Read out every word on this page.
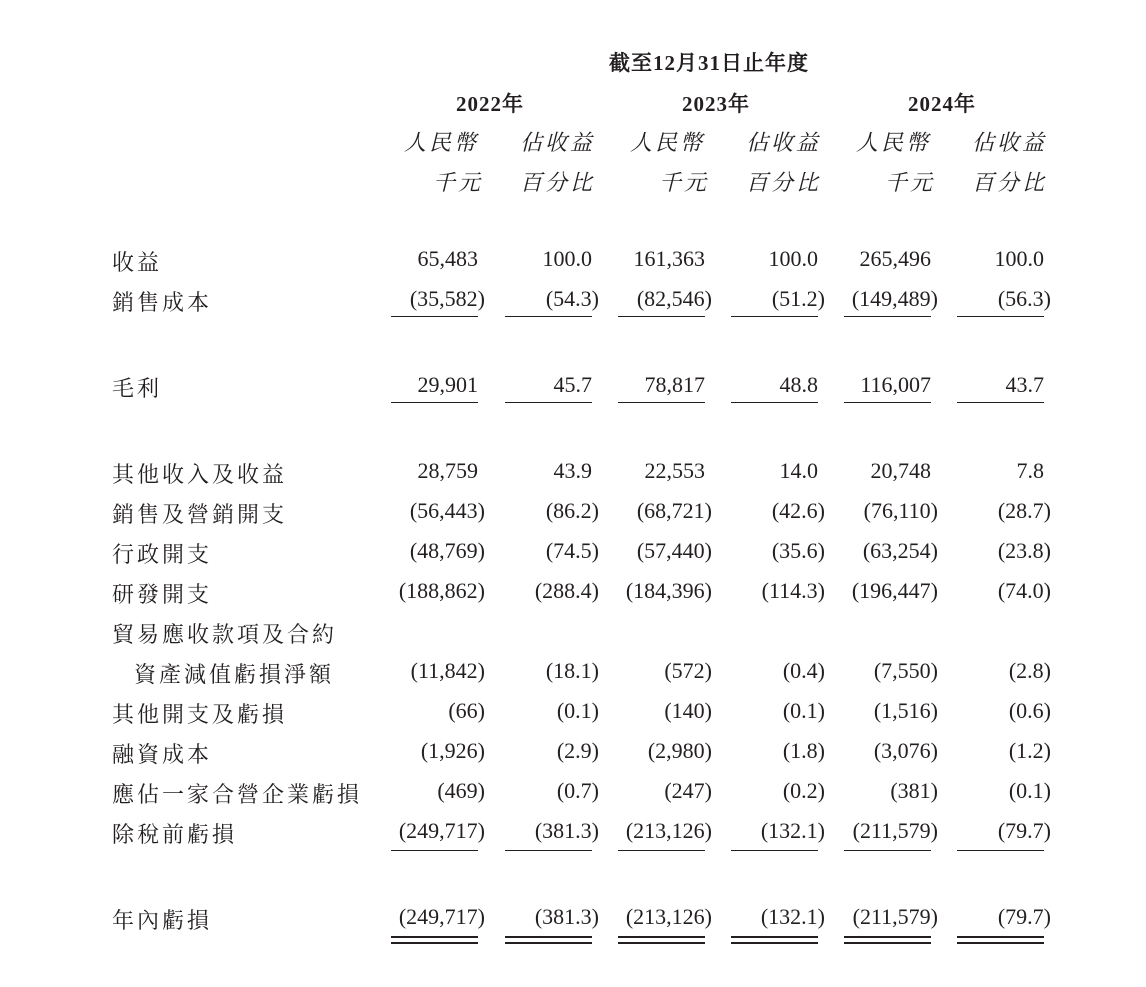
截至12月31日止年度
2022年	2023年	2024年
人民幣 佔收益 人民幣 佔收益 人民幣 佔收益
千元 百分比	千元 百分比	千元 百分比
收益	65,483	100.0 161,363	100.0 265,496	100.0
銷售成本	(35,582)	(54.3) (82,546)	(51.2) (149,489)	(56.3)
毛利	29,901	45.7 78,817	48.8 116,007	43.7
其他收入及收益	28,759	43.9 22,553	14.0 20,748	7.8
銷售及營銷開支	(56,443)	(86.2) (68,721)	(42.6) (76,110)	(28.7)
行政開支	(48,769)	(74.5) (57,440)	(35.6) (63,254)	(23.8)
研發開支	(188,862) (288.4) (184,396) (114.3) (196,447)	(74.0)
貿易應收款項及合約
資產減值虧損淨額	(11,842)	(18.1)	(572)	(0.4) (7,550)	(2.8)
其他開支及虧損	(66)	(0.1)	(140)	(0.1) (1,516)	(0.6)
融資成本	(1,926)	(2.9) (2,980)	(1.8) (3,076)	(1.2)
應佔一家合營企業虧損	(469)	(0.7)	(247)	(0.2)	(381)	(0.1)
除稅前虧損	(249,717) (381.3) (213,126) (132.1) (211,579)	(79.7)
年內虧損	(249,717) (381.3) (213,126) (132.1) (211,579)	(79.7)
